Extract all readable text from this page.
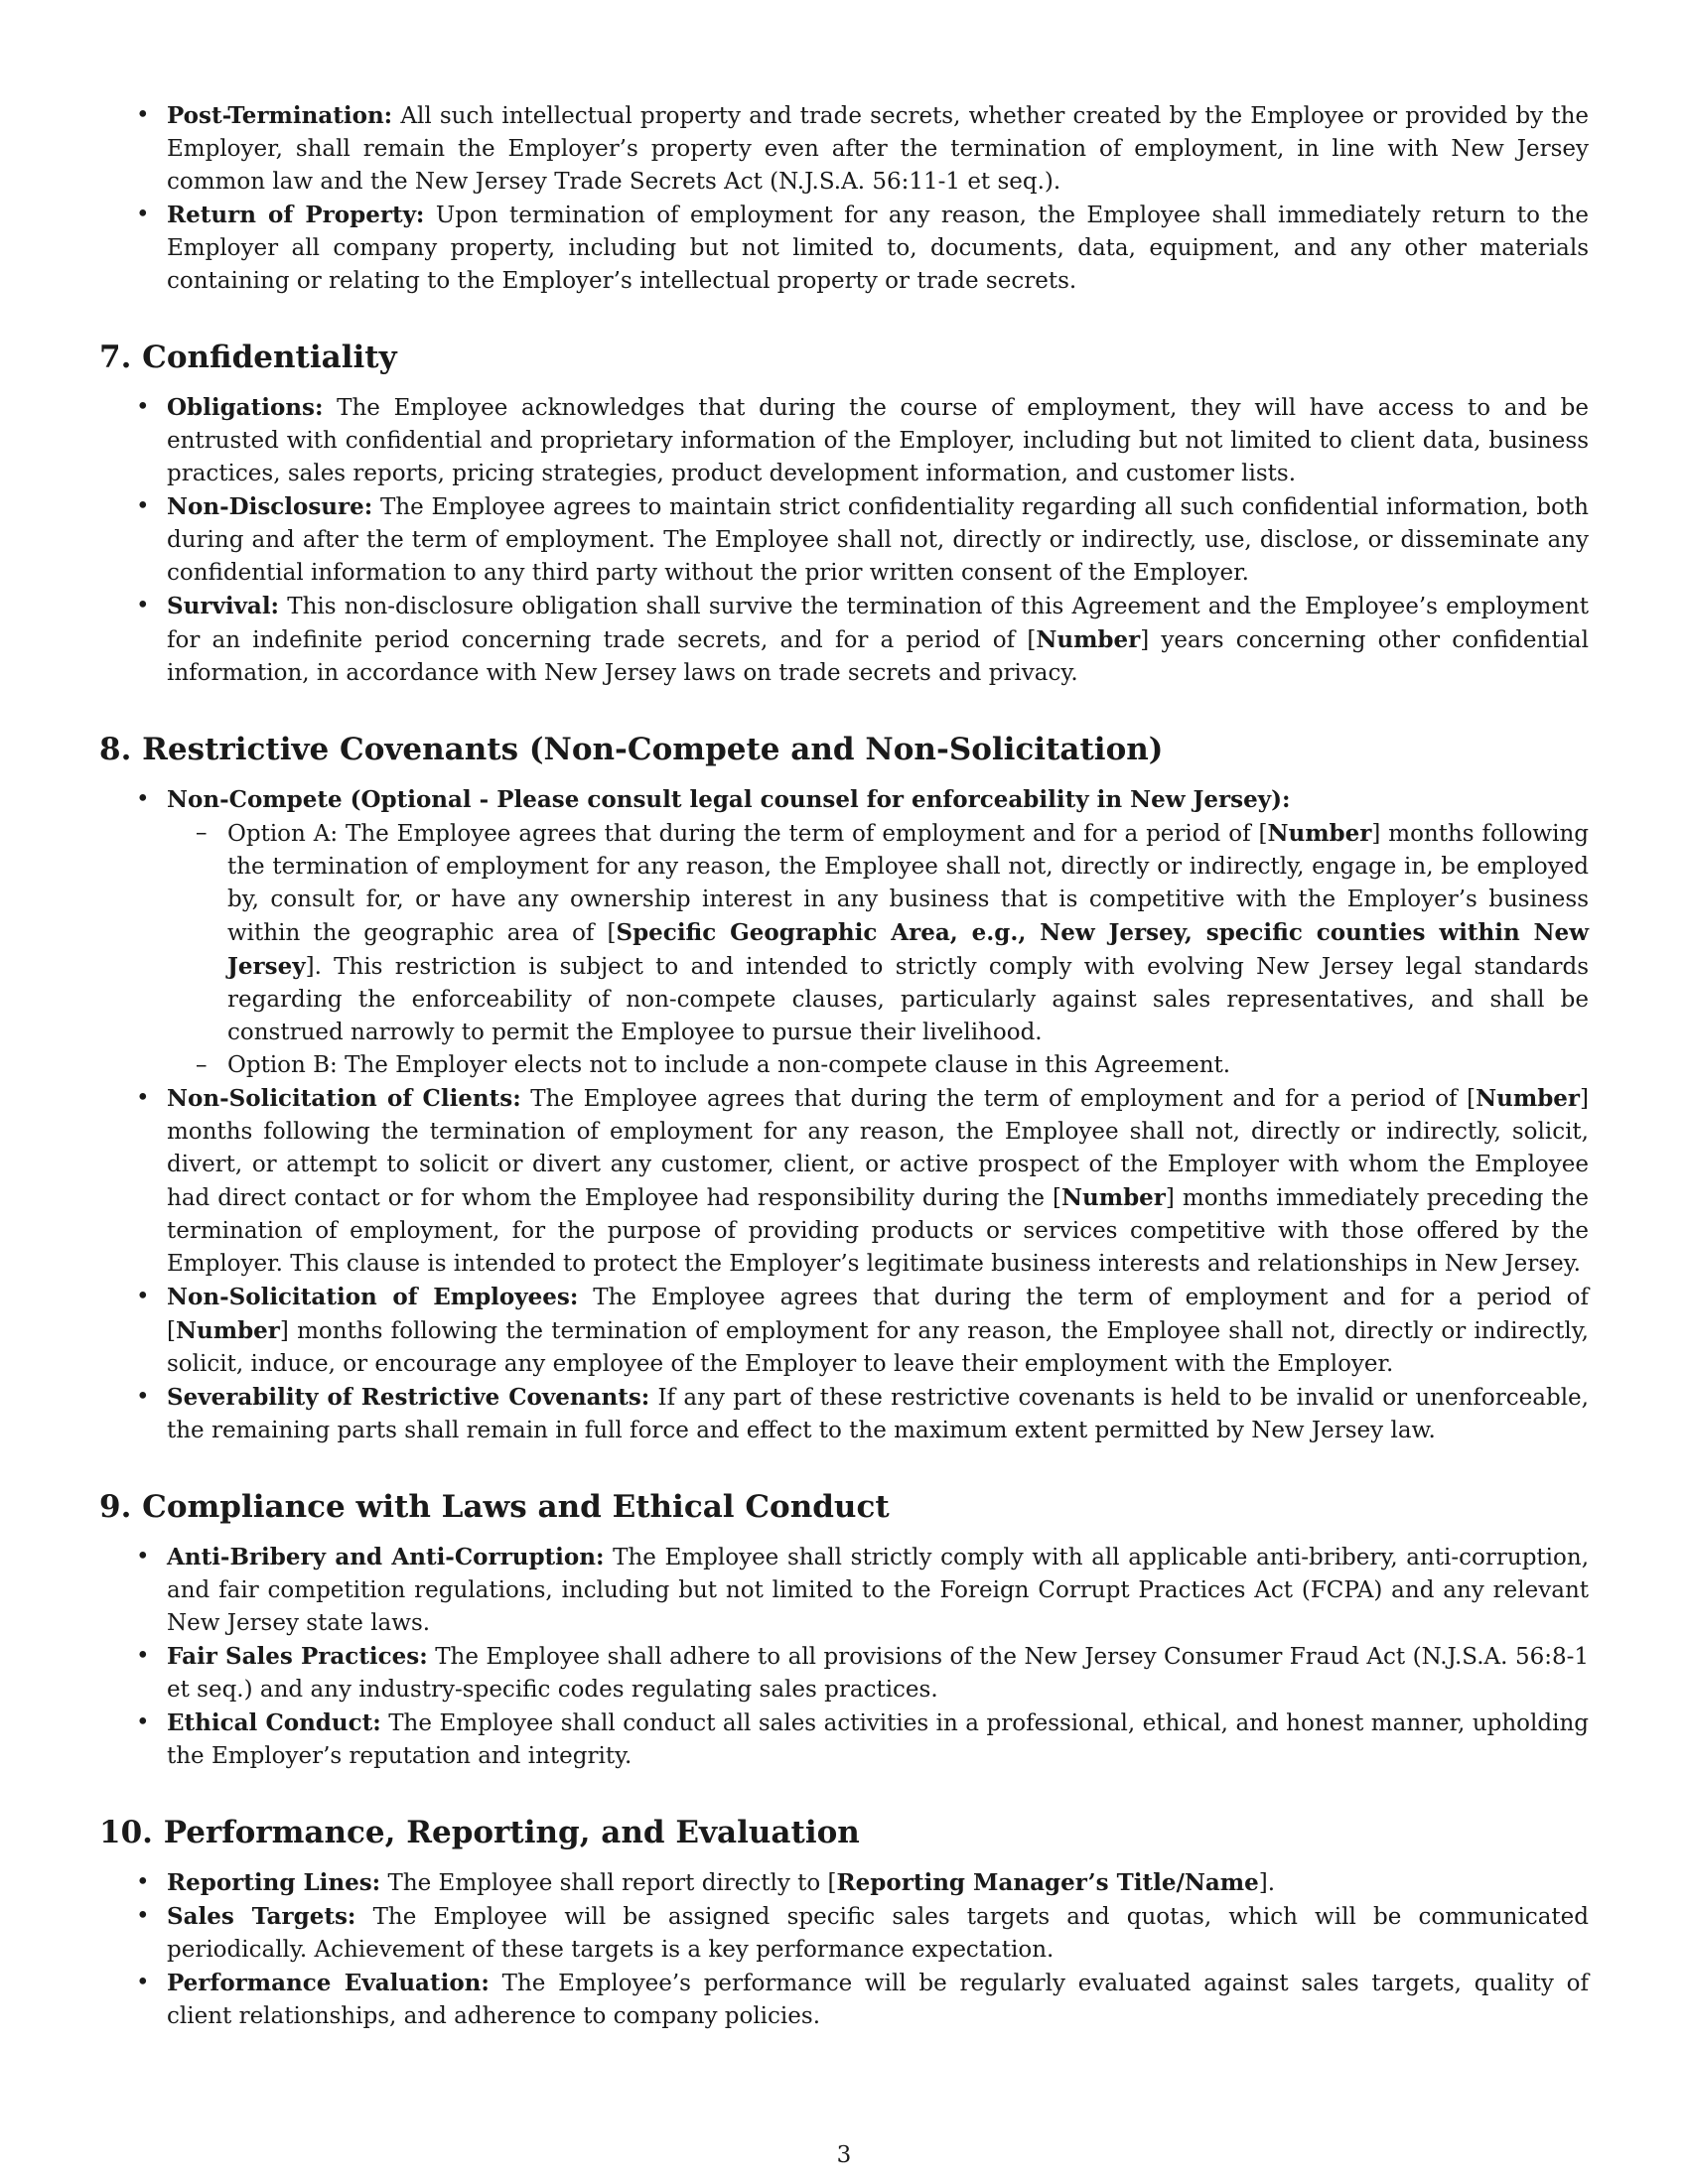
• Post-Termination: All such intellectual property and trade secrets, whether created by the Employee or provided by the Employer, shall remain the Employer’s property even after the termination of employment, in line with New Jersey common law and the New Jersey Trade Secrets Act (N.J.S.A. 56:11-1 et seq.).
• Return of Property: Upon termination of employment for any reason, the Employee shall immediately return to the Employer all company property, including but not limited to, documents, data, equipment, and any other materials containing or relating to the Employer’s intellectual property or trade secrets.
7. Confidentiality
• Obligations: The Employee acknowledges that during the course of employment, they will have access to and be entrusted with confidential and proprietary information of the Employer, including but not limited to client data, business practices, sales reports, pricing strategies, product development information, and customer lists.
• Non-Disclosure: The Employee agrees to maintain strict confidentiality regarding all such confidential information, both during and after the term of employment. The Employee shall not, directly or indirectly, use, disclose, or disseminate any confidential information to any third party without the prior written consent of the Employer.
• Survival: This non-disclosure obligation shall survive the termination of this Agreement and the Employee’s employment for an indefinite period concerning trade secrets, and for a period of [Number] years concerning other confidential information, in accordance with New Jersey laws on trade secrets and privacy.
8. Restrictive Covenants (Non-Compete and Non-Solicitation)
• Non-Compete (Optional - Please consult legal counsel for enforceability in New Jersey):
– Option A: The Employee agrees that during the term of employment and for a period of [Number] months following the termination of employment for any reason, the Employee shall not, directly or indirectly, engage in, be employed by, consult for, or have any ownership interest in any business that is competitive with the Employer’s business within the geographic area of [Specific Geographic Area, e.g., New Jersey, specific counties within New Jersey]. This restriction is subject to and intended to strictly comply with evolving New Jersey legal standards regarding the enforceability of non-compete clauses, particularly against sales representatives, and shall be construed narrowly to permit the Employee to pursue their livelihood.
– Option B: The Employer elects not to include a non-compete clause in this Agreement.
• Non-Solicitation of Clients: The Employee agrees that during the term of employment and for a period of [Number] months following the termination of employment for any reason, the Employee shall not, directly or indirectly, solicit, divert, or attempt to solicit or divert any customer, client, or active prospect of the Employer with whom the Employee had direct contact or for whom the Employee had responsibility during the [Number] months immediately preceding the termination of employment, for the purpose of providing products or services competitive with those offered by the Employer. This clause is intended to protect the Employer’s legitimate business interests and relationships in New Jersey.
• Non-Solicitation of Employees: The Employee agrees that during the term of employment and for a period of [Number] months following the termination of employment for any reason, the Employee shall not, directly or indirectly, solicit, induce, or encourage any employee of the Employer to leave their employment with the Employer.
• Severability of Restrictive Covenants: If any part of these restrictive covenants is held to be invalid or unenforceable, the remaining parts shall remain in full force and effect to the maximum extent permitted by New Jersey law.
9. Compliance with Laws and Ethical Conduct
• Anti-Bribery and Anti-Corruption: The Employee shall strictly comply with all applicable anti-bribery, anti-corruption, and fair competition regulations, including but not limited to the Foreign Corrupt Practices Act (FCPA) and any relevant New Jersey state laws.
• Fair Sales Practices: The Employee shall adhere to all provisions of the New Jersey Consumer Fraud Act (N.J.S.A. 56:8-1 et seq.) and any industry-specific codes regulating sales practices.
• Ethical Conduct: The Employee shall conduct all sales activities in a professional, ethical, and honest manner, upholding the Employer’s reputation and integrity.
10. Performance, Reporting, and Evaluation
• Reporting Lines: The Employee shall report directly to [Reporting Manager’s Title/Name].
• Sales Targets: The Employee will be assigned specific sales targets and quotas, which will be communicated periodically. Achievement of these targets is a key performance expectation.
• Performance Evaluation: The Employee’s performance will be regularly evaluated against sales targets, quality of client relationships, and adherence to company policies.
3
